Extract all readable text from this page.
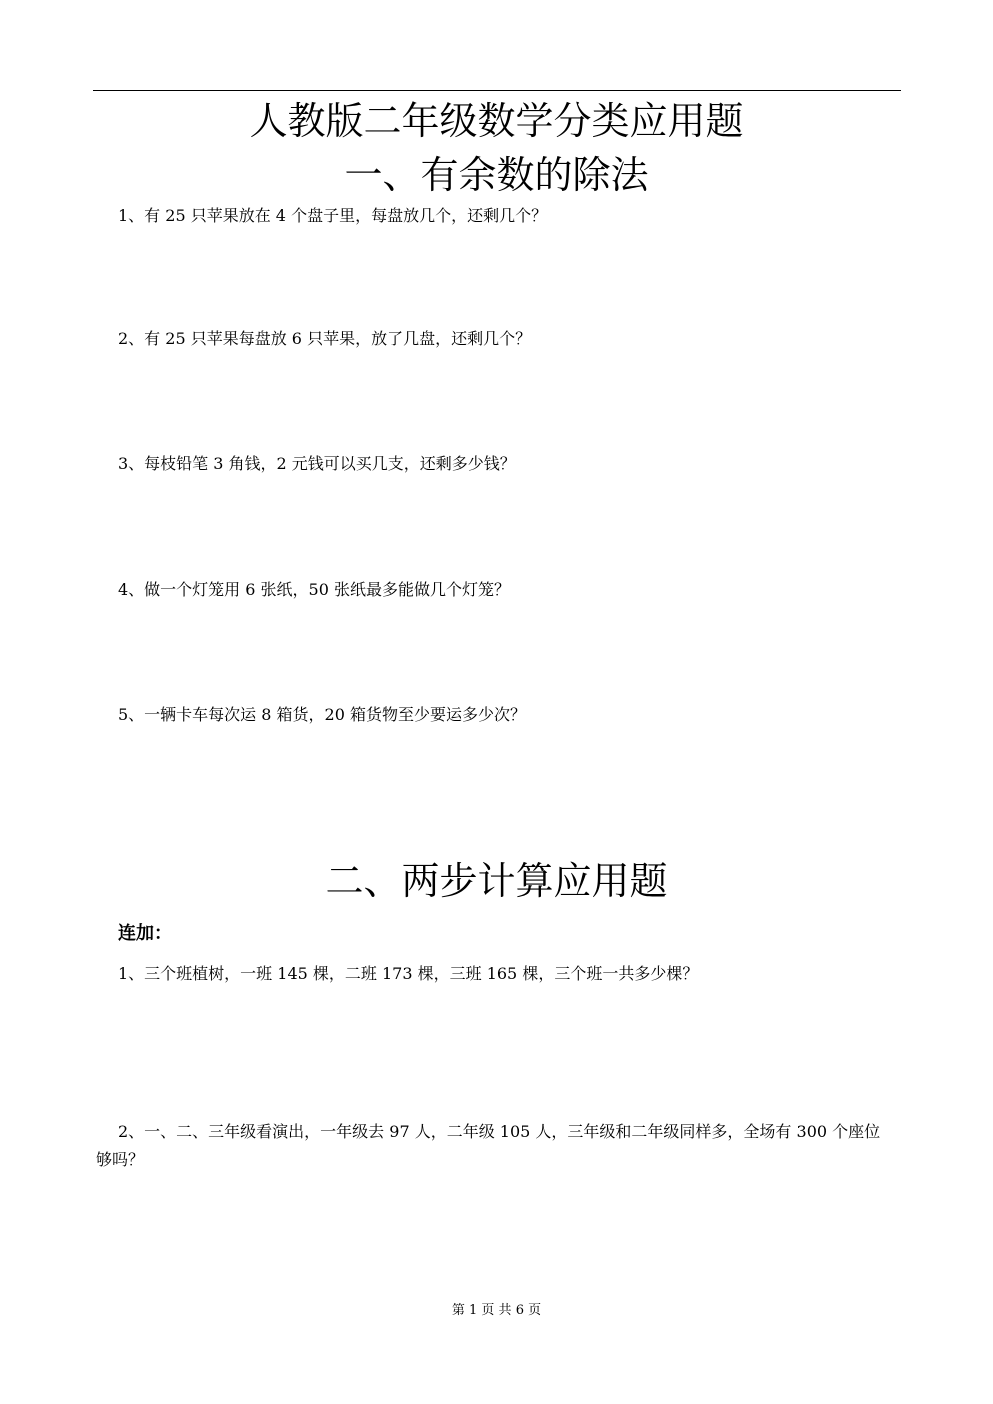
人教版二年级数学分类应用题
一、有余数的除法
1、有 25 只苹果放在 4 个盘子里，每盘放几个，还剩几个？
2、有 25 只苹果每盘放 6 只苹果，放了几盘，还剩几个？
3、每枝铅笔 3 角钱，2 元钱可以买几支，还剩多少钱？
4、做一个灯笼用 6 张纸，50 张纸最多能做几个灯笼？
5、一辆卡车每次运 8 箱货，20 箱货物至少要运多少次？
二、两步计算应用题
连加：
1、三个班植树，一班 145 棵，二班 173 棵，三班 165 棵，三个班一共多少棵？
2、一、二、三年级看演出，一年级去 97 人，二年级 105 人，三年级和二年级同样多，全场有 300 个座位够吗？
第 1 页 共 6 页
